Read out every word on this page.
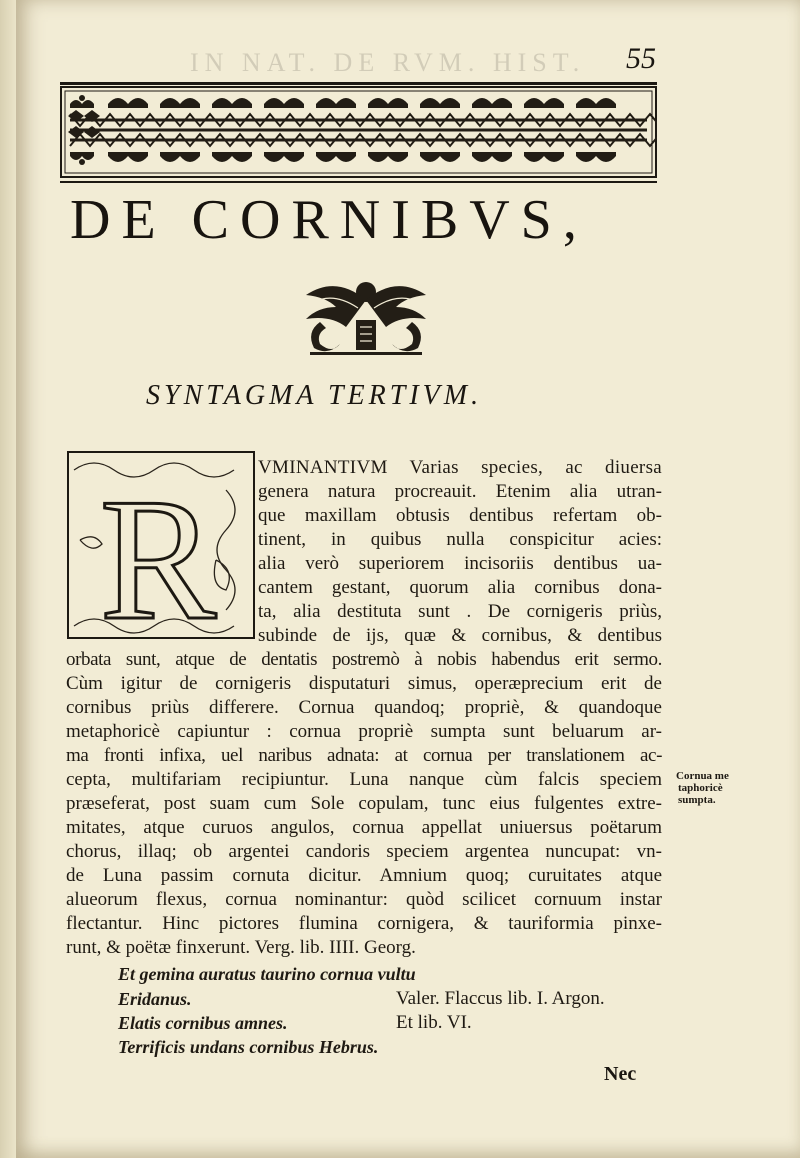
IN NAT. DE RVM. HIST.	55
DE CORNIBVS,
SYNTAGMA TERTIVM.
R VMINANTIVM Varias species, ac diuersa
genera natura procreauit. Etenim alia utran-
que maxillam obtusis dentibus refertam ob-
tinent, in quibus nulla conspicitur acies:
alia verò superiorem incisoriis dentibus ua-
cantem gestant, quorum alia cornibus dona-
ta, alia destituta sunt . De cornigeris priùs,
subinde de ijs, quæ & cornibus, & dentibus
orbata sunt, atque de dentatis postremò à nobis habendus erit sermo.
Cùm igitur de cornigeris disputaturi simus, operæprecium erit de
cornibus priùs differere. Cornua quandoq; propriè, & quandoque
metaphoricè capiuntur : cornua propriè sumpta sunt beluarum ar-
ma fronti infixa, uel naribus adnata: at cornua per translationem ac-
cepta, multifariam recipiuntur. Luna nanque cùm falcis speciem
præseferat, post suam cum Sole copulam, tunc eius fulgentes extre-
mitates, atque curuos angulos, cornua appellat uniuersus poëtarum
chorus, illaq; ob argentei candoris speciem argentea nuncupat: vn-
de Luna passim cornuta dicitur. Amnium quoq; curuitates atque
alueorum flexus, cornua nominantur: quòd scilicet cornuum instar
flectantur. Hinc pictores flumina cornigera, & tauriformia pinxe-
runt, & poëtæ finxerunt. Verg. lib. IIII. Georg.
Et gemina auratus taurino cornua vultu
Eridanus.	Valer. Flaccus lib. I. Argon.
Elatis cornibus amnes.	Et lib. VI.
Terrificis undans cornibus Hebrus.
Cornua me
taphoricè
sumpta.
Nec
